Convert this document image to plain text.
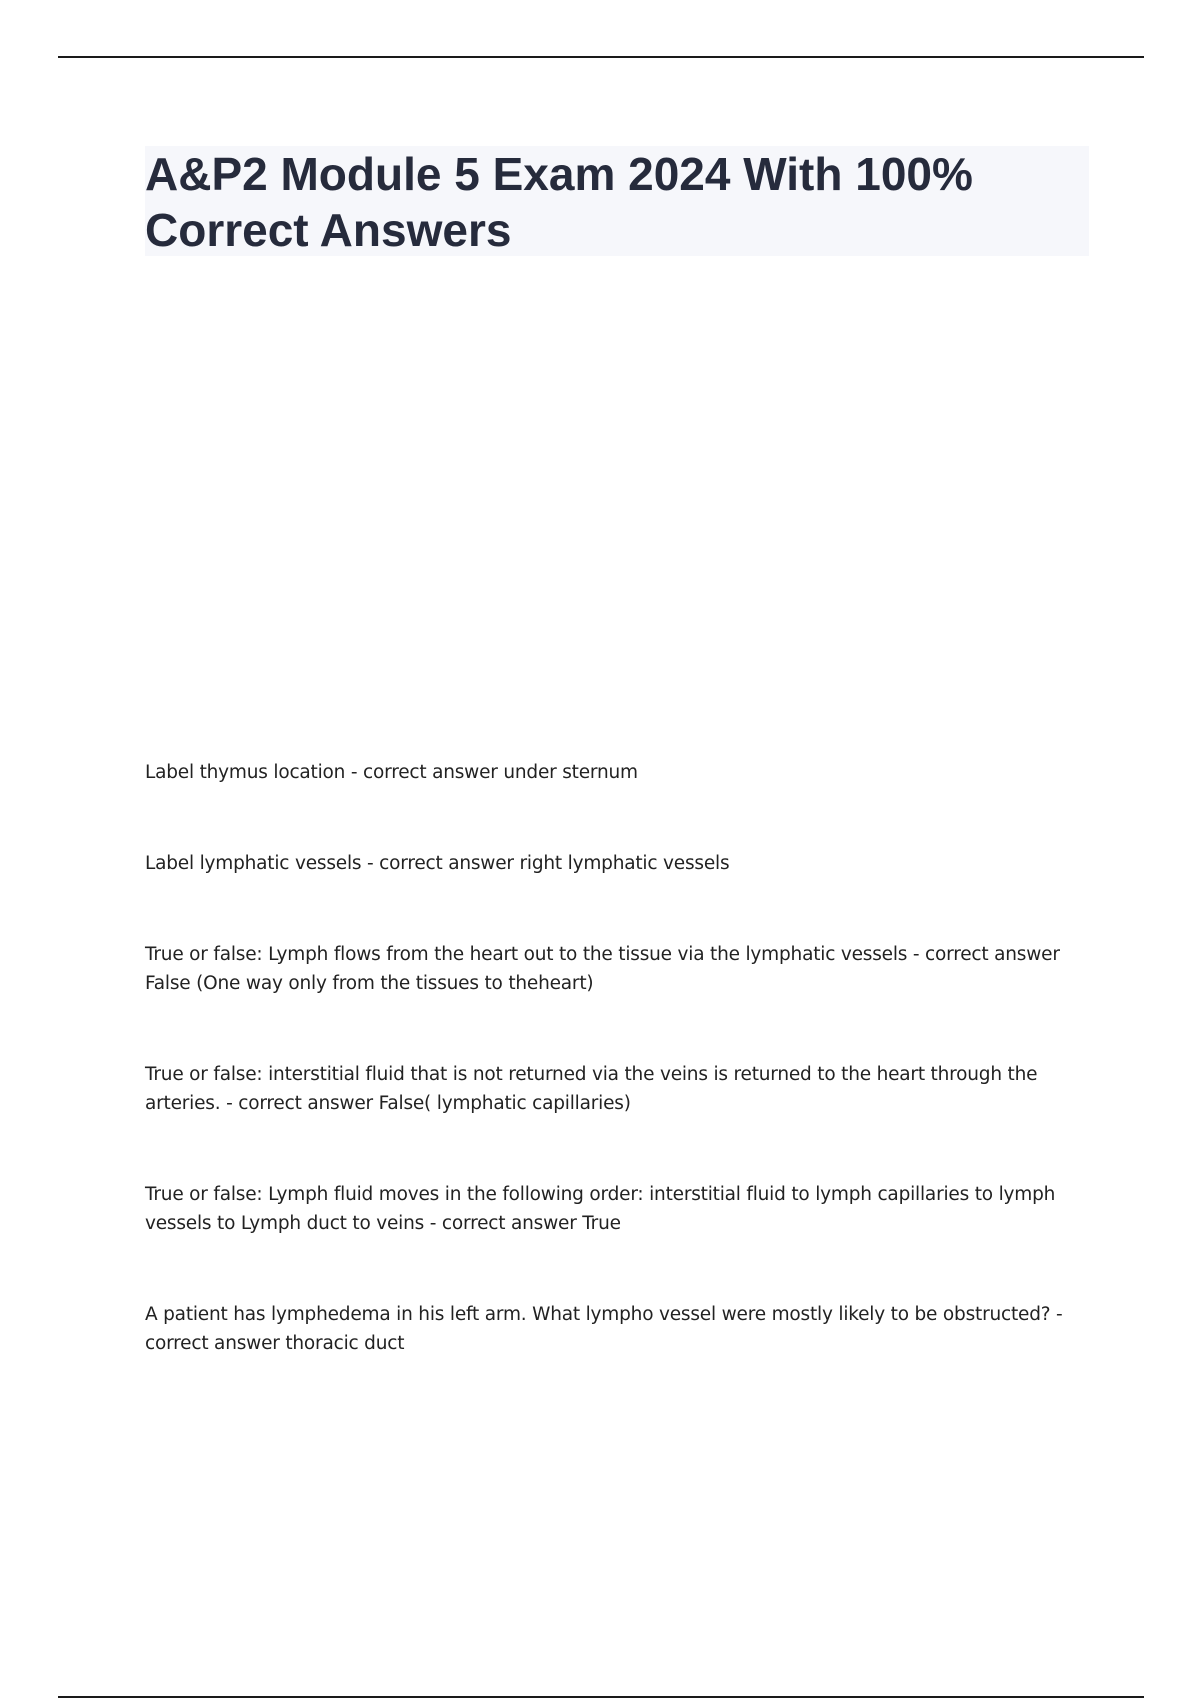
A&P2 Module 5 Exam 2024 With 100% Correct Answers
Label thymus location - correct answer under sternum
Label lymphatic vessels - correct answer right lymphatic vessels
True or false: Lymph flows from the heart out to the tissue via the lymphatic vessels - correct answer False (One way only from the tissues to theheart)
True or false: interstitial fluid that is not returned via the veins is returned to the heart through the arteries. - correct answer False( lymphatic capillaries)
True or false: Lymph fluid moves in the following order: interstitial fluid to lymph capillaries to lymph vessels to Lymph duct to veins - correct answer True
A patient has lymphedema in his left arm. What lympho vessel were mostly likely to be obstructed? - correct answer thoracic duct
